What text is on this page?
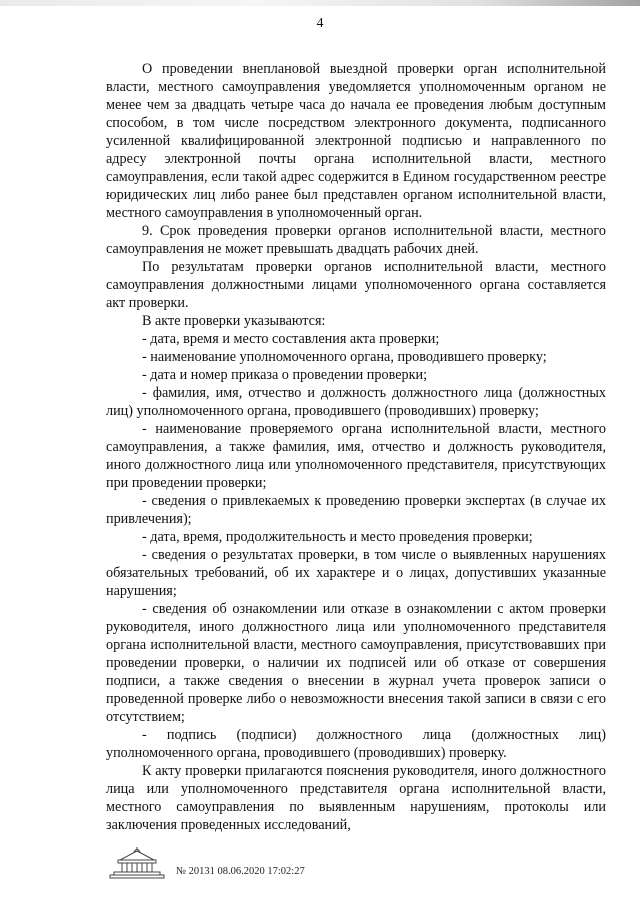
4

О проведении внеплановой выездной проверки орган исполнительной власти, местного самоуправления уведомляется уполномоченным органом не менее чем за двадцать четыре часа до начала ее проведения любым доступным способом, в том числе посредством электронного документа, подписанного усиленной квалифицированной электронной подписью и направленного по адресу электронной почты органа исполнительной власти, местного самоуправления, если такой адрес содержится в Едином государственном реестре юридических лиц либо ранее был представлен органом исполнительной власти, местного самоуправления в уполномоченный орган.

9. Срок проведения проверки органов исполнительной власти, местного самоуправления не может превышать двадцать рабочих дней.

По результатам проверки органов исполнительной власти, местного самоуправления должностными лицами уполномоченного органа составляется акт проверки.

В акте проверки указываются:

- дата, время и место составления акта проверки;

- наименование уполномоченного органа, проводившего проверку;

- дата и номер приказа о проведении проверки;

- фамилия, имя, отчество и должность должностного лица (должностных лиц) уполномоченного органа, проводившего (проводивших) проверку;

- наименование проверяемого органа исполнительной власти, местного самоуправления, а также фамилия, имя, отчество и должность руководителя, иного должностного лица или уполномоченного представителя, присутствующих при проведении проверки;

- сведения о привлекаемых к проведению проверки экспертах (в случае их привлечения);

- дата, время, продолжительность и место проведения проверки;

- сведения о результатах проверки, в том числе о выявленных нарушениях обязательных требований, об их характере и о лицах, допустивших указанные нарушения;

- сведения об ознакомлении или отказе в ознакомлении с актом проверки руководителя, иного должностного лица или уполномоченного представителя органа исполнительной власти, местного самоуправления, присутствовавших при проведении проверки, о наличии их подписей или об отказе от совершения подписи, а также сведения о внесении в журнал учета проверок записи о проведенной проверке либо о невозможности внесения такой записи в связи с его отсутствием;

- подпись (подписи) должностного лица (должностных лиц) уполномоченного органа, проводившего (проводивших) проверку.

К акту проверки прилагаются пояснения руководителя, иного должностного лица или уполномоченного представителя органа исполнительной власти, местного самоуправления по выявленным нарушениям, протоколы или заключения проведенных исследований,

№ 20131 08.06.2020 17:02:27
